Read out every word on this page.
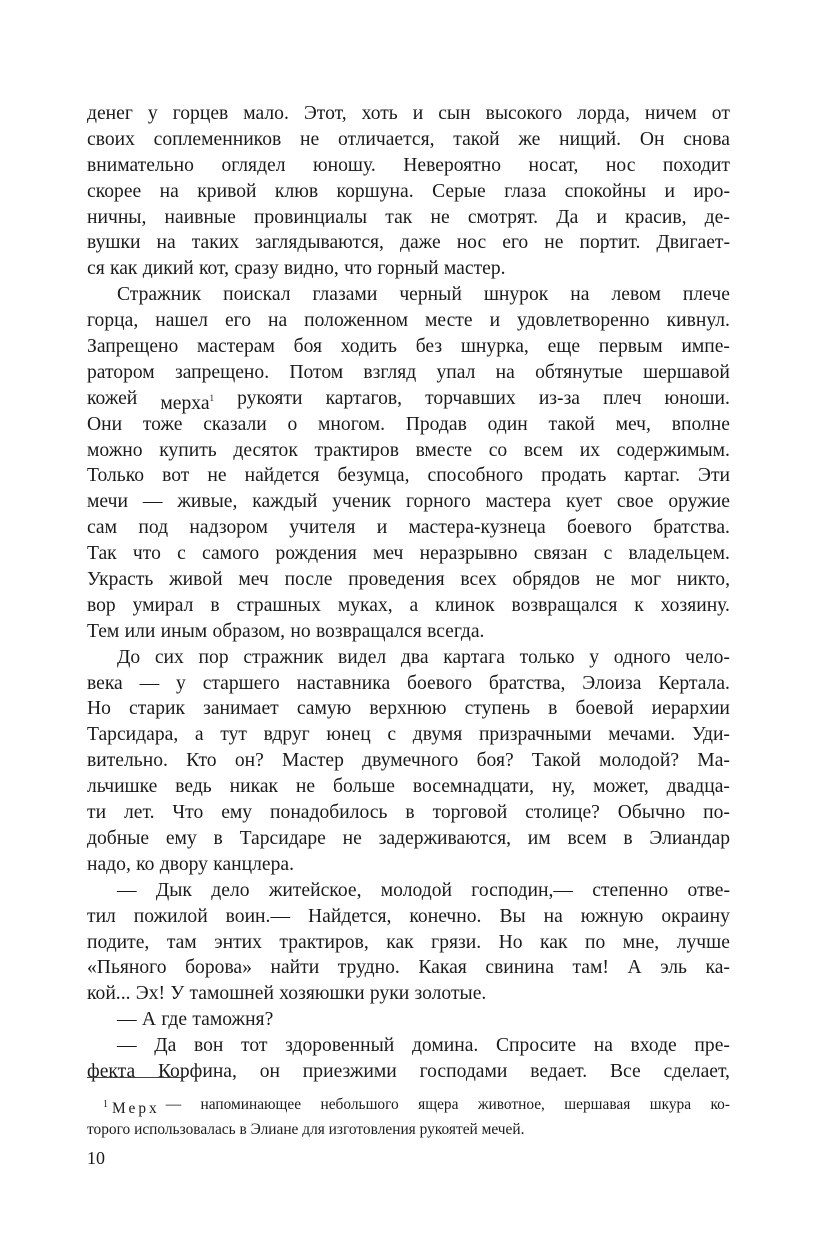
денег у горцев мало. Этот, хоть и сын высокого лорда, ничем от
своих соплеменников не отличается, такой же нищий. Он снова
внимательно оглядел юношу. Невероятно носат, нос походит
скорее на кривой клюв коршуна. Серые глаза спокойны и иро-
ничны, наивные провинциалы так не смотрят. Да и красив, де-
вушки на таких заглядываются, даже нос его не портит. Двигает-
ся как дикий кот, сразу видно, что горный мастер.
Стражник поискал глазами черный шнурок на левом плече
горца, нашел его на положенном месте и удовлетворенно кивнул.
Запрещено мастерам боя ходить без шнурка, еще первым импе-
ратором запрещено. Потом взгляд упал на обтянутые шершавой
кожей мерха$^1$ рукояти картагов, торчавших из-за плеч юноши.
Они тоже сказали о многом. Продав один такой меч, вполне
можно купить десяток трактиров вместе со всем их содержимым.
Только вот не найдется безумца, способного продать картаг. Эти
мечи — живые, каждый ученик горного мастера кует свое оружие
сам под надзором учителя и мастера-кузнеца боевого братства.
Так что с самого рождения меч неразрывно связан с владельцем.
Украсть живой меч после проведения всех обрядов не мог никто,
вор умирал в страшных муках, а клинок возвращался к хозяину.
Тем или иным образом, но возвращался всегда.
До сих пор стражник видел два картага только у одного чело-
века — у старшего наставника боевого братства, Элоиза Кертала.
Но старик занимает самую верхнюю ступень в боевой иерархии
Тарсидара, а тут вдруг юнец с двумя призрачными мечами. Уди-
вительно. Кто он? Мастер двумечного боя? Такой молодой? Ма-
льчишке ведь никак не больше восемнадцати, ну, может, двадца-
ти лет. Что ему понадобилось в торговой столице? Обычно по-
добные ему в Тарсидаре не задерживаются, им всем в Элиандар
надо, ко двору канцлера.
— Дык дело житейское, молодой господин,— степенно отве-
тил пожилой воин.— Найдется, конечно. Вы на южную окраину
подите, там энтих трактиров, как грязи. Но как по мне, лучше
«Пьяного борова» найти трудно. Какая свинина там! А эль ка-
кой... Эх! У тамошней хозяюшки руки золотые.
— А где таможня?
— Да вон тот здоровенный домина. Спросите на входе пре-
фекта Корфина, он приезжими господами ведает. Все сделает,
$^1$ Мерх — напоминающее небольшого ящера животное, шершавая шкура ко-
торого использовалась в Элиане для изготовления рукоятей мечей.
10
